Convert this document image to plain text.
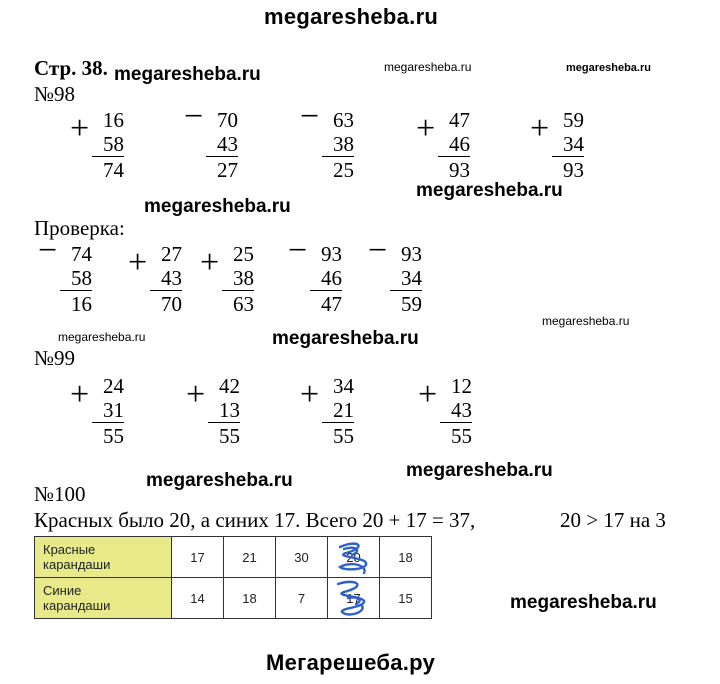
megaresheba.ru
megaresheba.ru	megaresheba.ru	megaresheba.ru
megaresheba.ru
megaresheba.ru
megaresheba.ru	megaresheba.ru
megaresheba.ru
megaresheba.ru	megaresheba.ru
megaresheba.ru
Мегарешеба.ру
Стр. 38.
№98
+ 16
58
74
− 70
43
27
− 63
38
25
+ 47
46
93
+ 59
34
93
Проверка:
− 74
58
16
+ 27
43
70
+ 25
38
63
− 93
46
47
− 93
34
59
№99
+ 24
31
55
+ 42
13
55
+ 34
21
55
+ 12
43
55
№100
Красных было 20, а синих 17. Всего 20 + 17 = 37,	20 > 17 на 3
Красные
карандаши	17	21	30	20	18
Синие
карандаши	14	18	7	17	15
